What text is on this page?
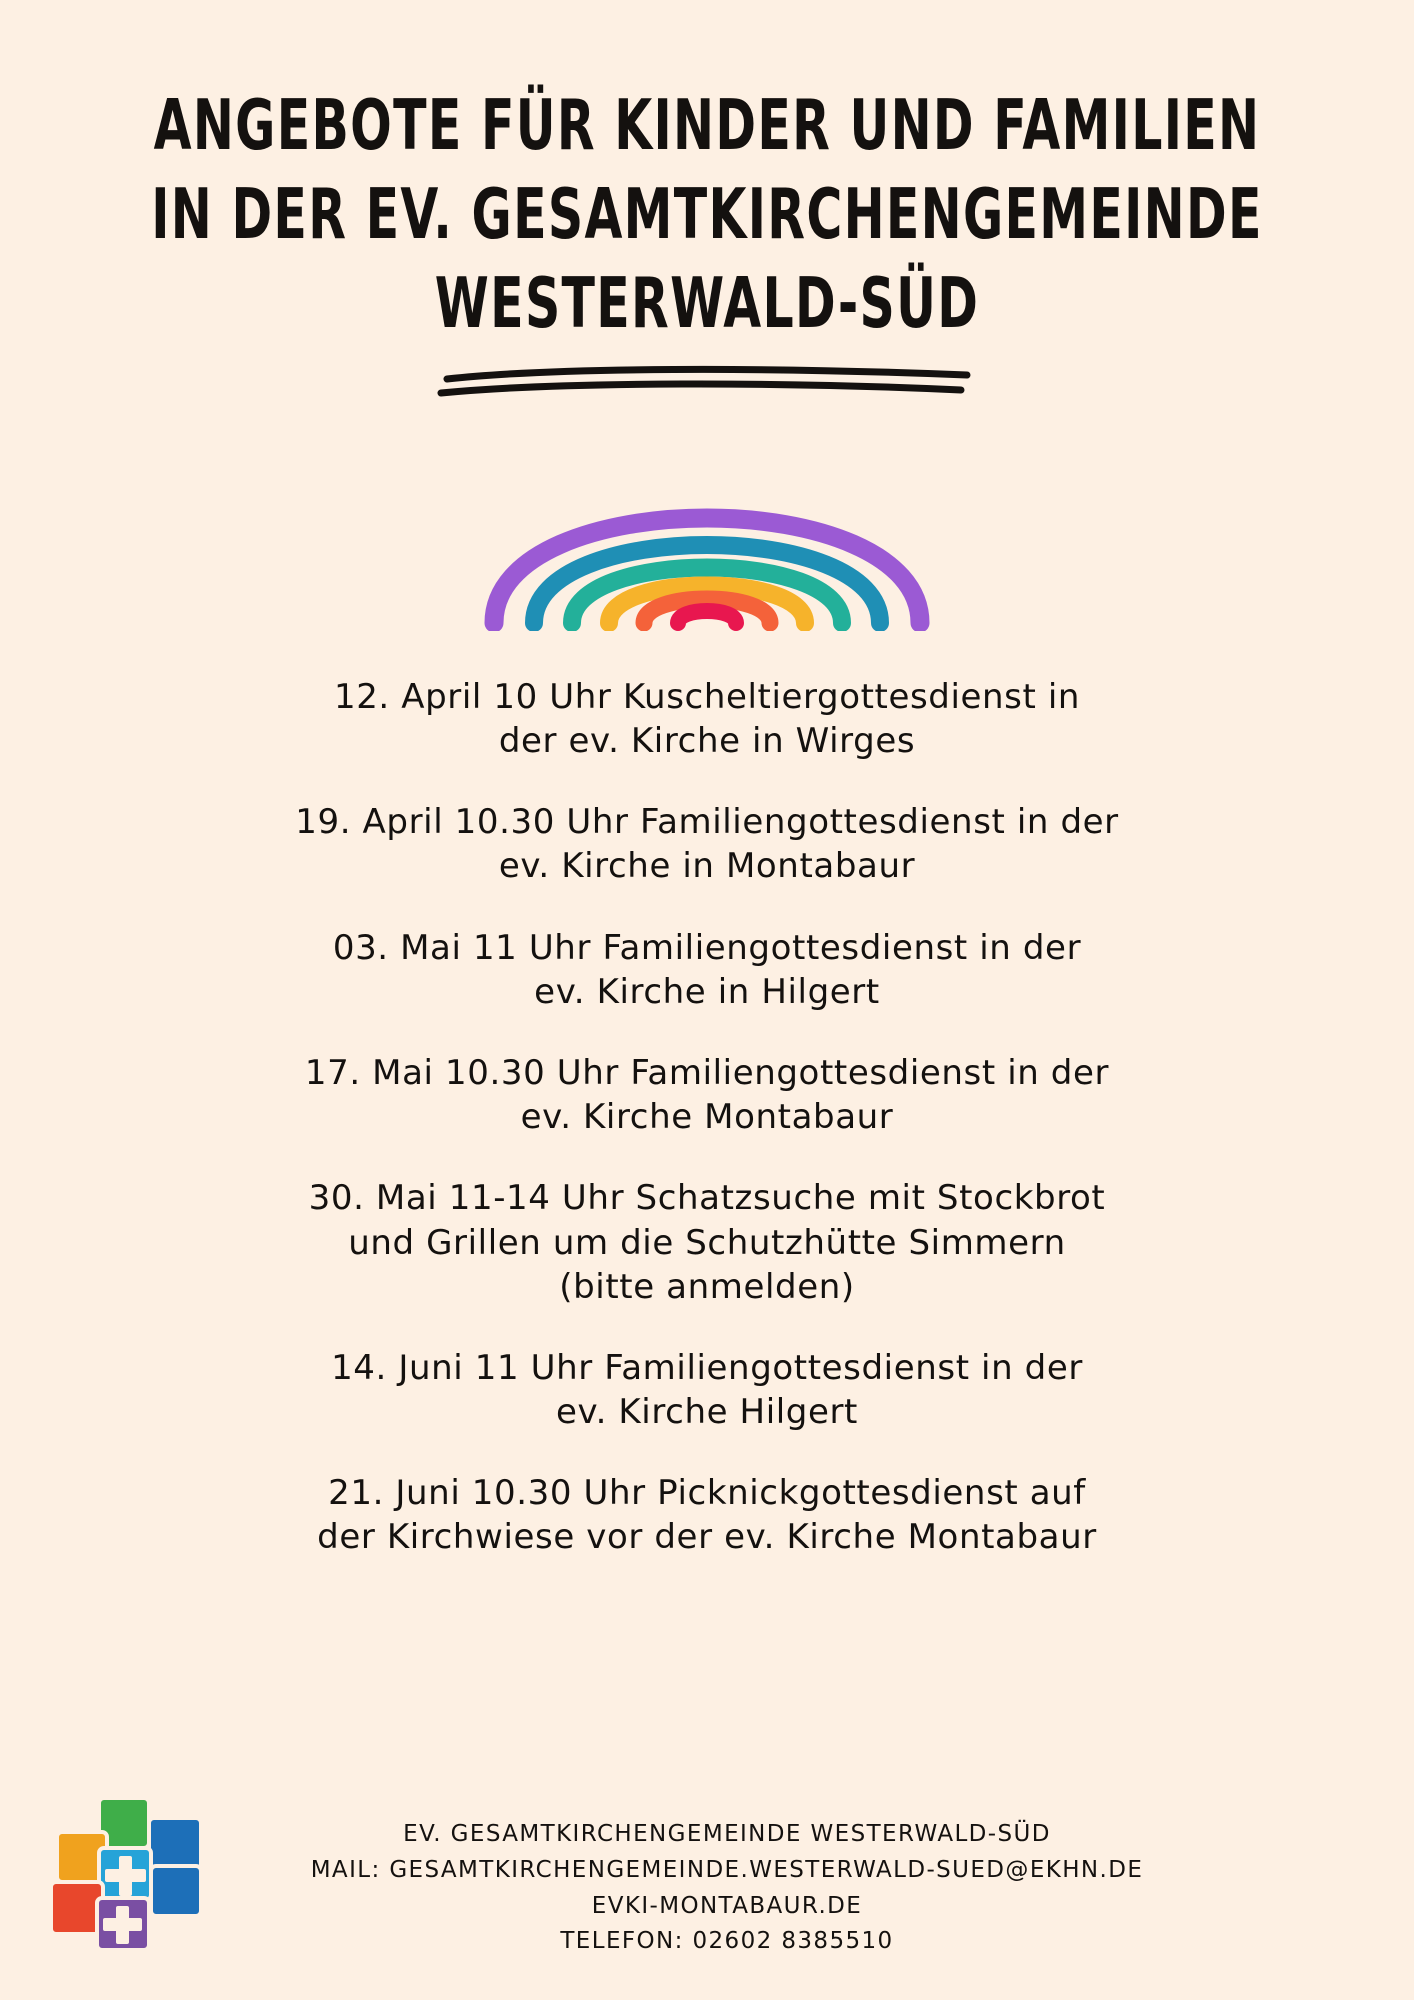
ANGEBOTE FÜR KINDER UND FAMILIEN IN DER EV. GESAMTKIRCHENGEMEINDE WESTERWALD-SÜD
12. April 10 Uhr Kuscheltiergottesdienst in
der ev. Kirche in Wirges
19. April 10.30 Uhr Familiengottesdienst in der
ev. Kirche in Montabaur
03. Mai 11 Uhr Familiengottesdienst in der
ev. Kirche in Hilgert
17. Mai 10.30 Uhr Familiengottesdienst in der
ev. Kirche Montabaur
30. Mai 11-14 Uhr Schatzsuche mit Stockbrot
und Grillen um die Schutzhütte Simmern
(bitte anmelden)
14. Juni 11 Uhr Familiengottesdienst in der
ev. Kirche Hilgert
21. Juni 10.30 Uhr Picknickgottesdienst auf
der Kirchwiese vor der ev. Kirche Montabaur
EV. GESAMTKIRCHENGEMEINDE WESTERWALD-SÜD
MAIL: GESAMTKIRCHENGEMEINDE.WESTERWALD-SUED@EKHN.DE
EVKI-MONTABAUR.DE
TELEFON: 02602 8385510
